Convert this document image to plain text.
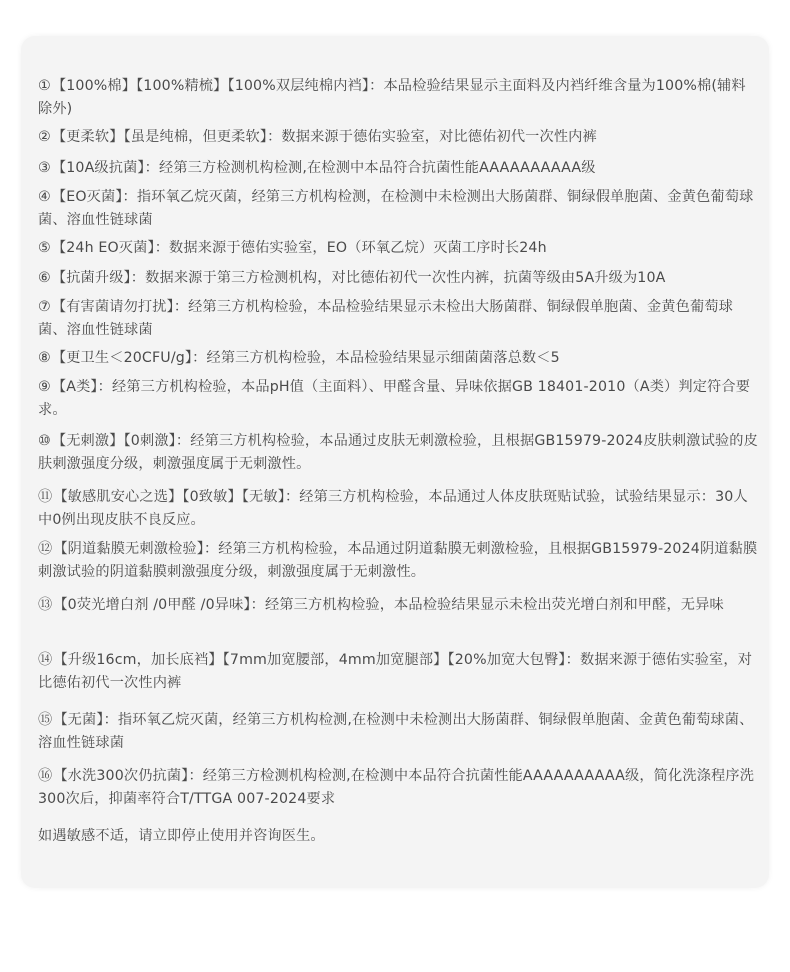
①【100%棉】【100%精梳】【100%双层纯棉内裆】：本品检验结果显示主面料及内裆纤维含量为100%棉(辅料除外)

②【更柔软】【虽是纯棉，但更柔软】：数据来源于德佑实验室，对比德佑初代一次性内裤

③【10A级抗菌】：经第三方检测机构检测,在检测中本品符合抗菌性能AAAAAAAAAA级

④【EO灭菌】：指环氧乙烷灭菌，经第三方机构检测，在检测中未检测出大肠菌群、铜绿假单胞菌、金黄色葡萄球菌、溶血性链球菌

⑤【24h EO灭菌】：数据来源于德佑实验室，EO（环氧乙烷）灭菌工序时长24h

⑥【抗菌升级】：数据来源于第三方检测机构，对比德佑初代一次性内裤，抗菌等级由5A升级为10A

⑦【有害菌请勿打扰】：经第三方机构检验，本品检验结果显示未检出大肠菌群、铜绿假单胞菌、金黄色葡萄球菌、溶血性链球菌

⑧【更卫生＜20CFU/g】：经第三方机构检验，本品检验结果显示细菌菌落总数＜5

⑨【A类】：经第三方机构检验，本品pH值（主面料）、甲醛含量、异味依据GB 18401-2010（A类）判定符合要求。

⑩【无刺激】【0刺激】：经第三方机构检验，本品通过皮肤无刺激检验，且根据GB15979-2024皮肤刺激试验的皮肤刺激强度分级，刺激强度属于无刺激性。

⑪【敏感肌安心之选】【0致敏】【无敏】：经第三方机构检验，本品通过人体皮肤斑贴试验，试验结果显示：30人中0例出现皮肤不良反应。

⑫【阴道黏膜无刺激检验】：经第三方机构检验，本品通过阴道黏膜无刺激检验，且根据GB15979-2024阴道黏膜刺激试验的阴道黏膜刺激强度分级，刺激强度属于无刺激性。

⑬【0荧光增白剂 /0甲醛 /0异味】：经第三方机构检验，本品检验结果显示未检出荧光增白剂和甲醛，无异味

⑭【升级16cm，加长底裆】【7mm加宽腰部，4mm加宽腿部】【20%加宽大包臀】：数据来源于德佑实验室，对比德佑初代一次性内裤

⑮【无菌】：指环氧乙烷灭菌，经第三方机构检测,在检测中未检测出大肠菌群、铜绿假单胞菌、金黄色葡萄球菌、溶血性链球菌

⑯【水洗300次仍抗菌】：经第三方检测机构检测,在检测中本品符合抗菌性能AAAAAAAAAA级，简化洗涤程序洗300次后，抑菌率符合T/TTGA 007-2024要求

如遇敏感不适，请立即停止使用并咨询医生。
